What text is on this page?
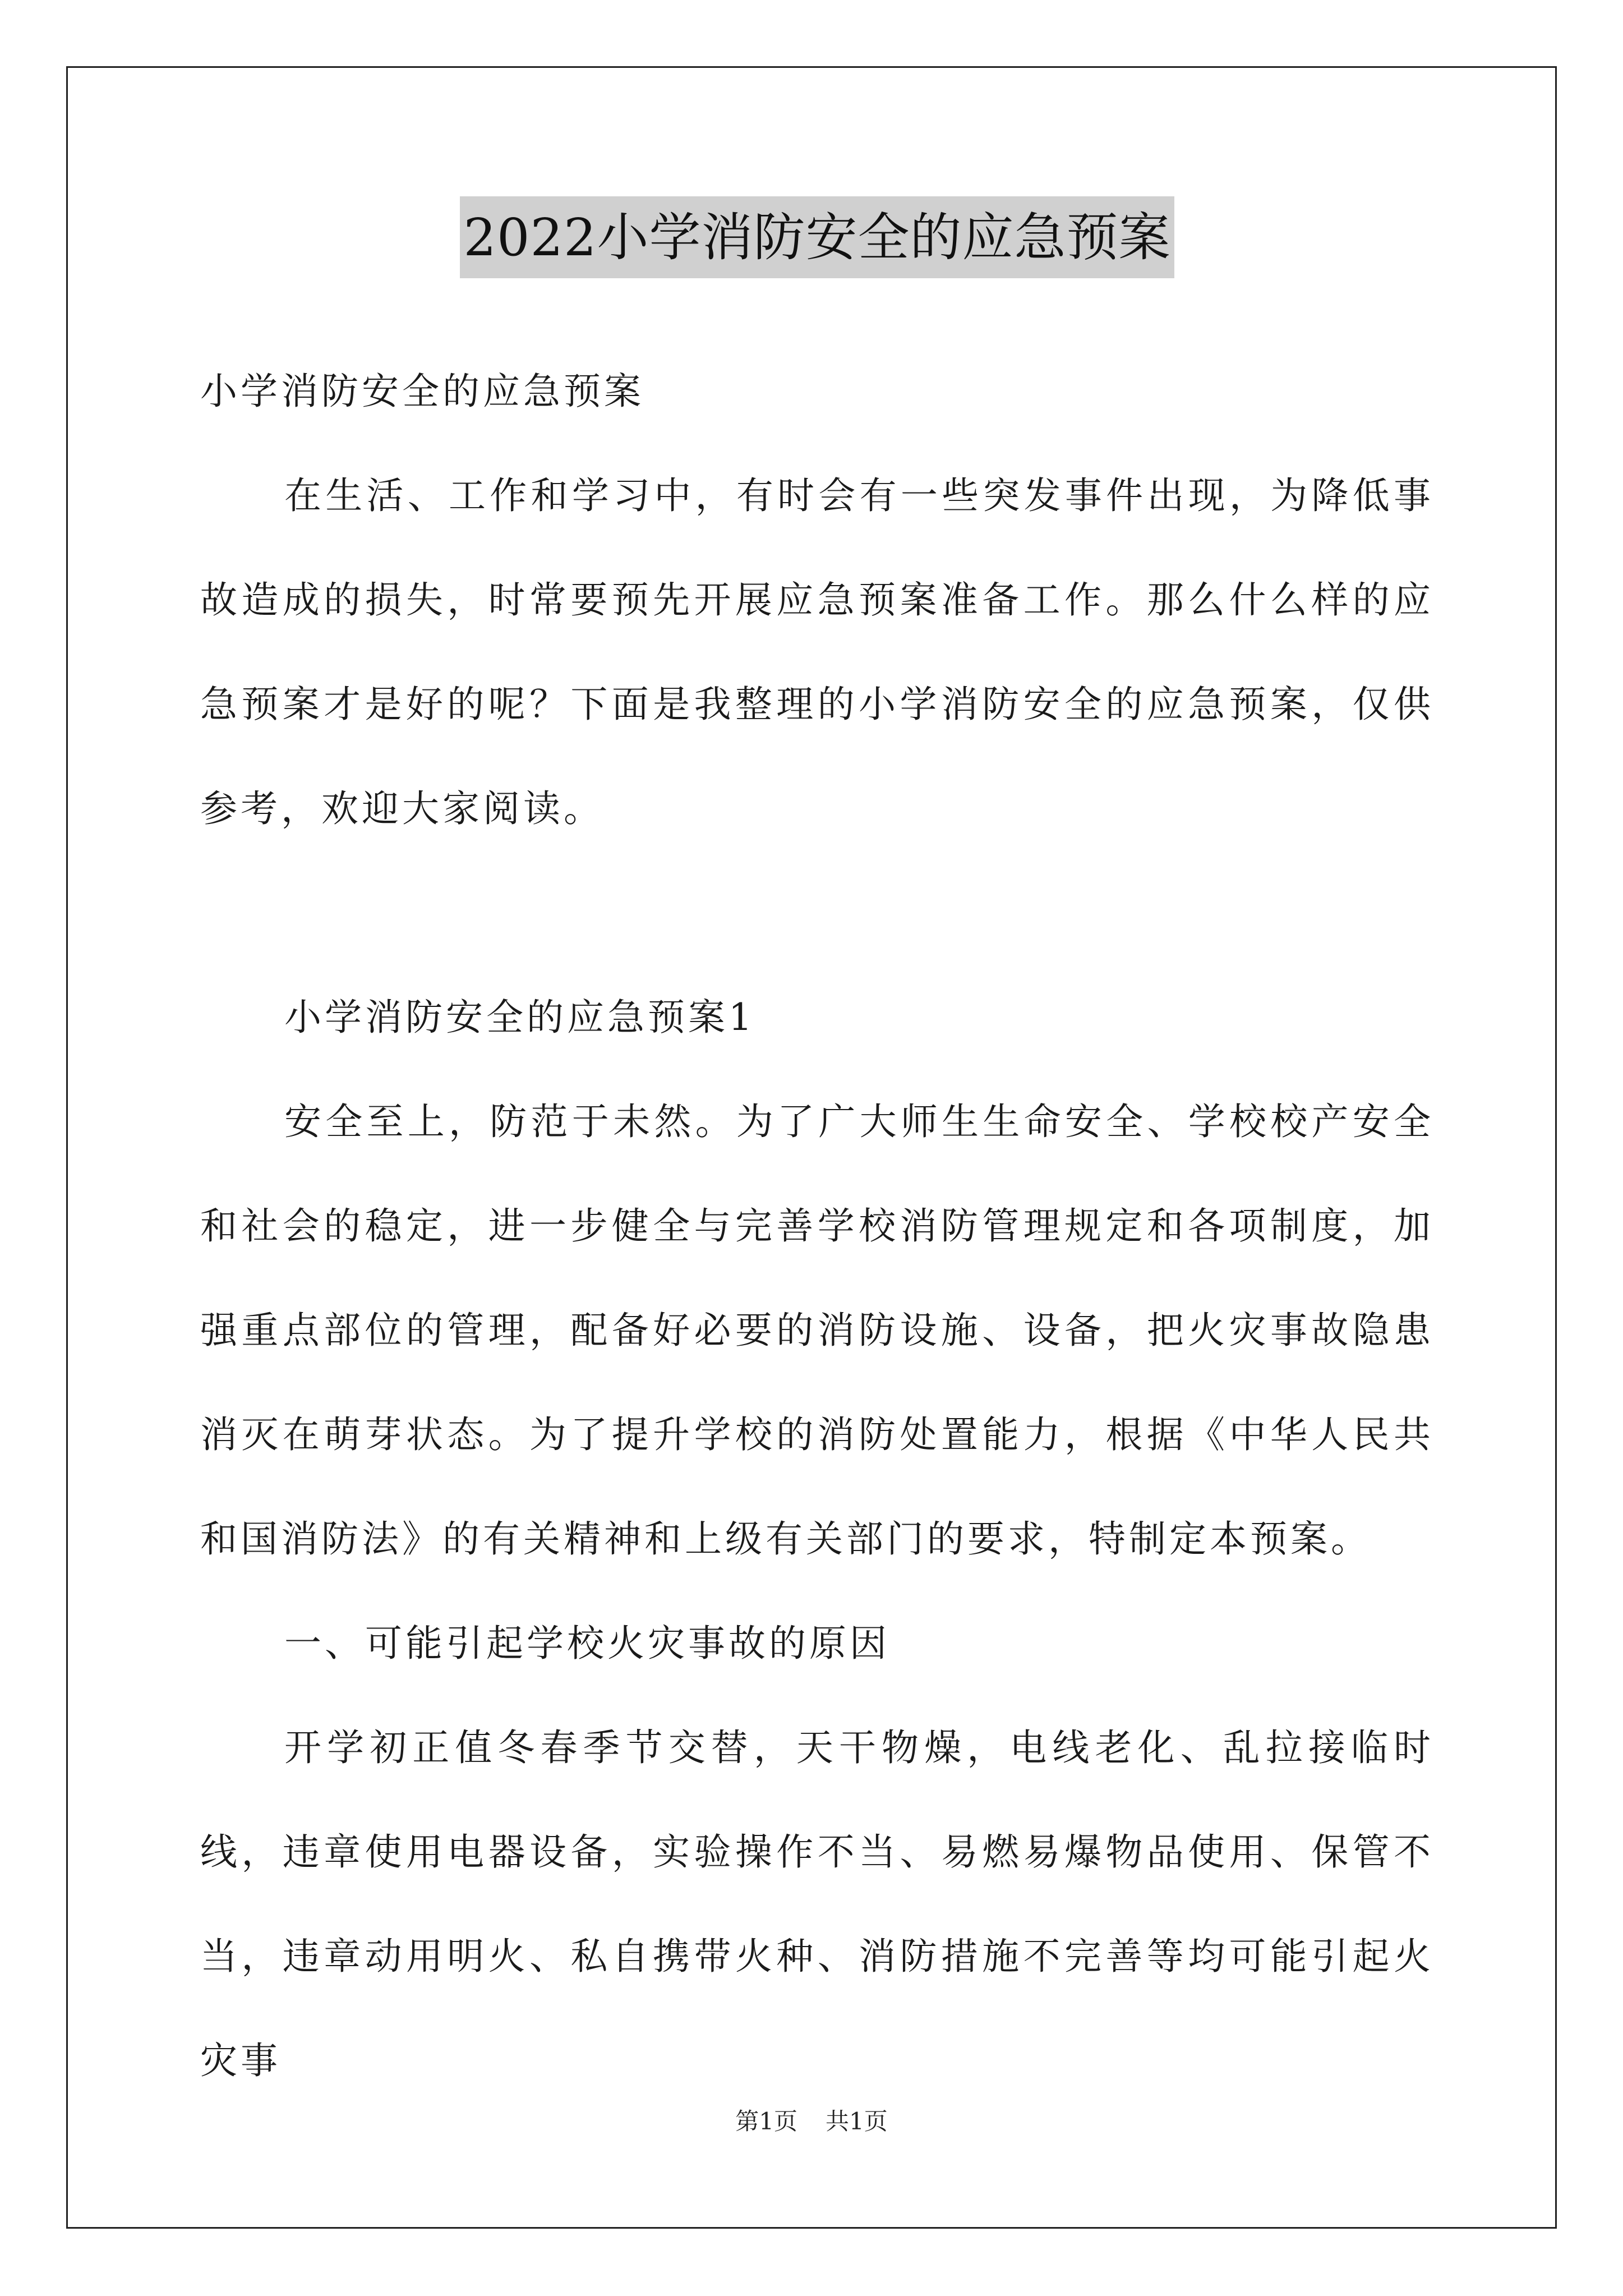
2022小学消防安全的应急预案

小学消防安全的应急预案

在生活、工作和学习中，有时会有一些突发事件出现，为降低事故造成的损失，时常要预先开展应急预案准备工作。那么什么样的应急预案才是好的呢？下面是我整理的小学消防安全的应急预案，仅供参考，欢迎大家阅读。

小学消防安全的应急预案1

安全至上，防范于未然。为了广大师生生命安全、学校校产安全和社会的稳定，进一步健全与完善学校消防管理规定和各项制度，加强重点部位的管理，配备好必要的消防设施、设备，把火灾事故隐患消灭在萌芽状态。为了提升学校的消防处置能力，根据《中华人民共和国消防法》的有关精神和上级有关部门的要求，特制定本预案。

一、可能引起学校火灾事故的原因

开学初正值冬春季节交替，天干物燥，电线老化、乱拉接临时线，违章使用电器设备，实验操作不当、易燃易爆物品使用、保管不当，违章动用明火、私自携带火种、消防措施不完善等均可能引起火灾事

第1页 共1页
